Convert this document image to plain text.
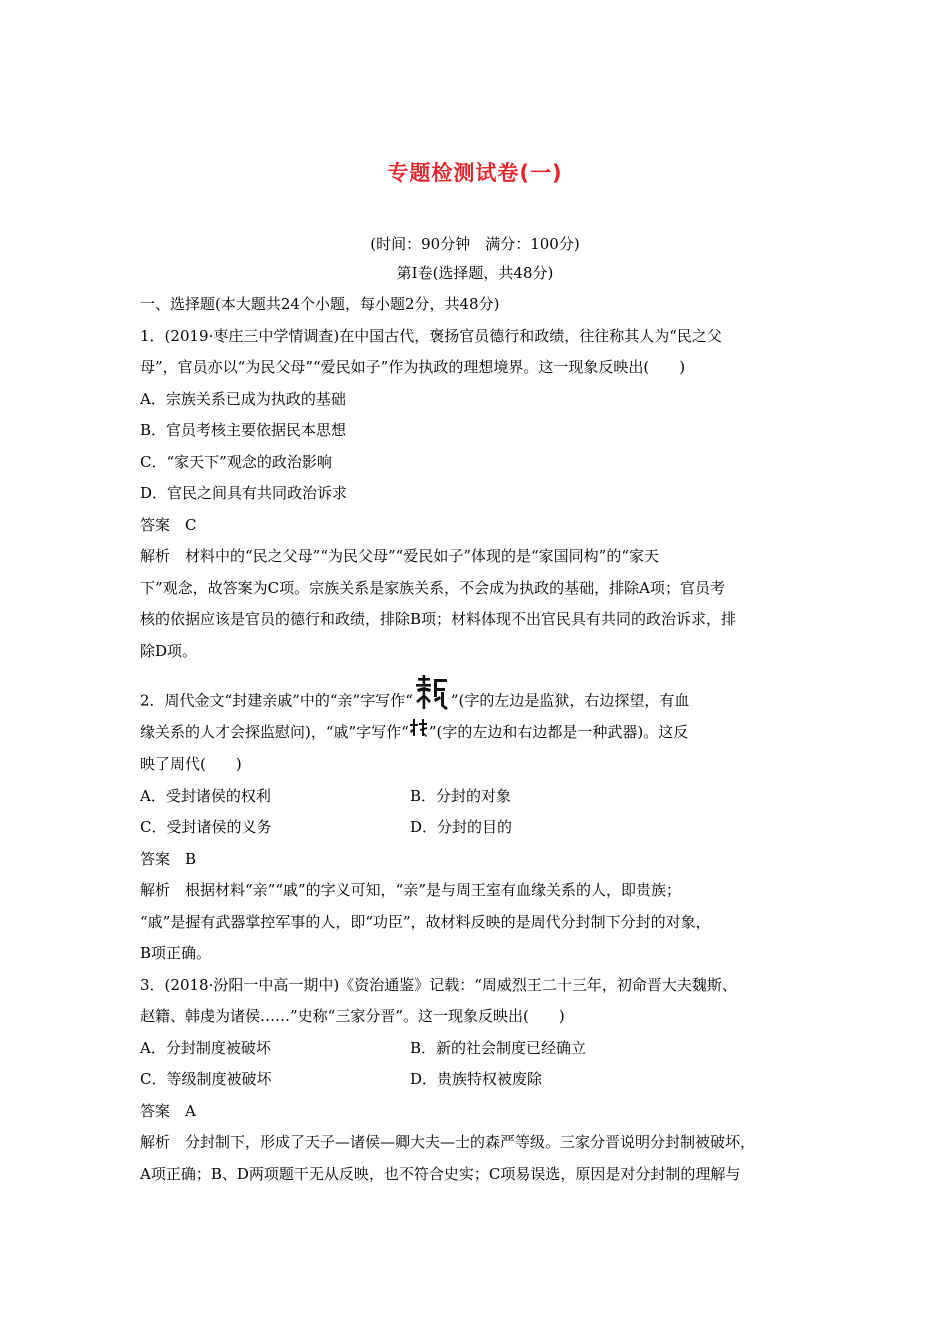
专题检测试卷(一)
(时间：90分钟　满分：100分)
第Ⅰ卷(选择题，共48分)

一、选择题(本大题共24个小题，每小题2分，共48分)

1．(2019·枣庄三中学情调查)在中国古代，褒扬官员德行和政绩，往往称其人为“民之父

母”，官员亦以“为民父母”“爱民如子”作为执政的理想境界。这一现象反映出(　　)

A．宗族关系已成为执政的基础

B．官员考核主要依据民本思想

C．“家天下”观念的政治影响

D．官民之间具有共同政治诉求

答案　C

解析　材料中的“民之父母”“为民父母”“爱民如子”体现的是“家国同构”的“家天

下”观念，故答案为C项。宗族关系是家族关系，不会成为执政的基础，排除A项；官员考

核的依据应该是官员的德行和政绩，排除B项；材料体现不出官民具有共同的政治诉求，排

除D项。

2．周代金文“封建亲戚”中的“亲”字写作“	”(字的左边是监狱，右边探望，有血
缘关系的人才会探监慰问)，“戚”字写作“ ”(字的左边和右边都是一种武器)。这反

映了周代(　　)

A．受封诸侯的权利	B．分封的对象
C．受封诸侯的义务	D．分封的目的

答案　B

解析　根据材料“亲”“戚”的字义可知，“亲”是与周王室有血缘关系的人，即贵族；

“戚”是握有武器掌控军事的人，即“功臣”，故材料反映的是周代分封制下分封的对象，

B项正确。

3．(2018·汾阳一中高一期中)《资治通鉴》记载：“周威烈王二十三年，初命晋大夫魏斯、

赵籍、韩虔为诸侯……”史称“三家分晋”。这一现象反映出(　　)

A．分封制度被破坏	B．新的社会制度已经确立
C．等级制度被破坏	D．贵族特权被废除

答案　A

解析　分封制下，形成了天子—诸侯—卿大夫—士的森严等级。三家分晋说明分封制被破坏，

A项正确；B、D两项题干无从反映，也不符合史实；C项易误选，原因是对分封制的理解与
